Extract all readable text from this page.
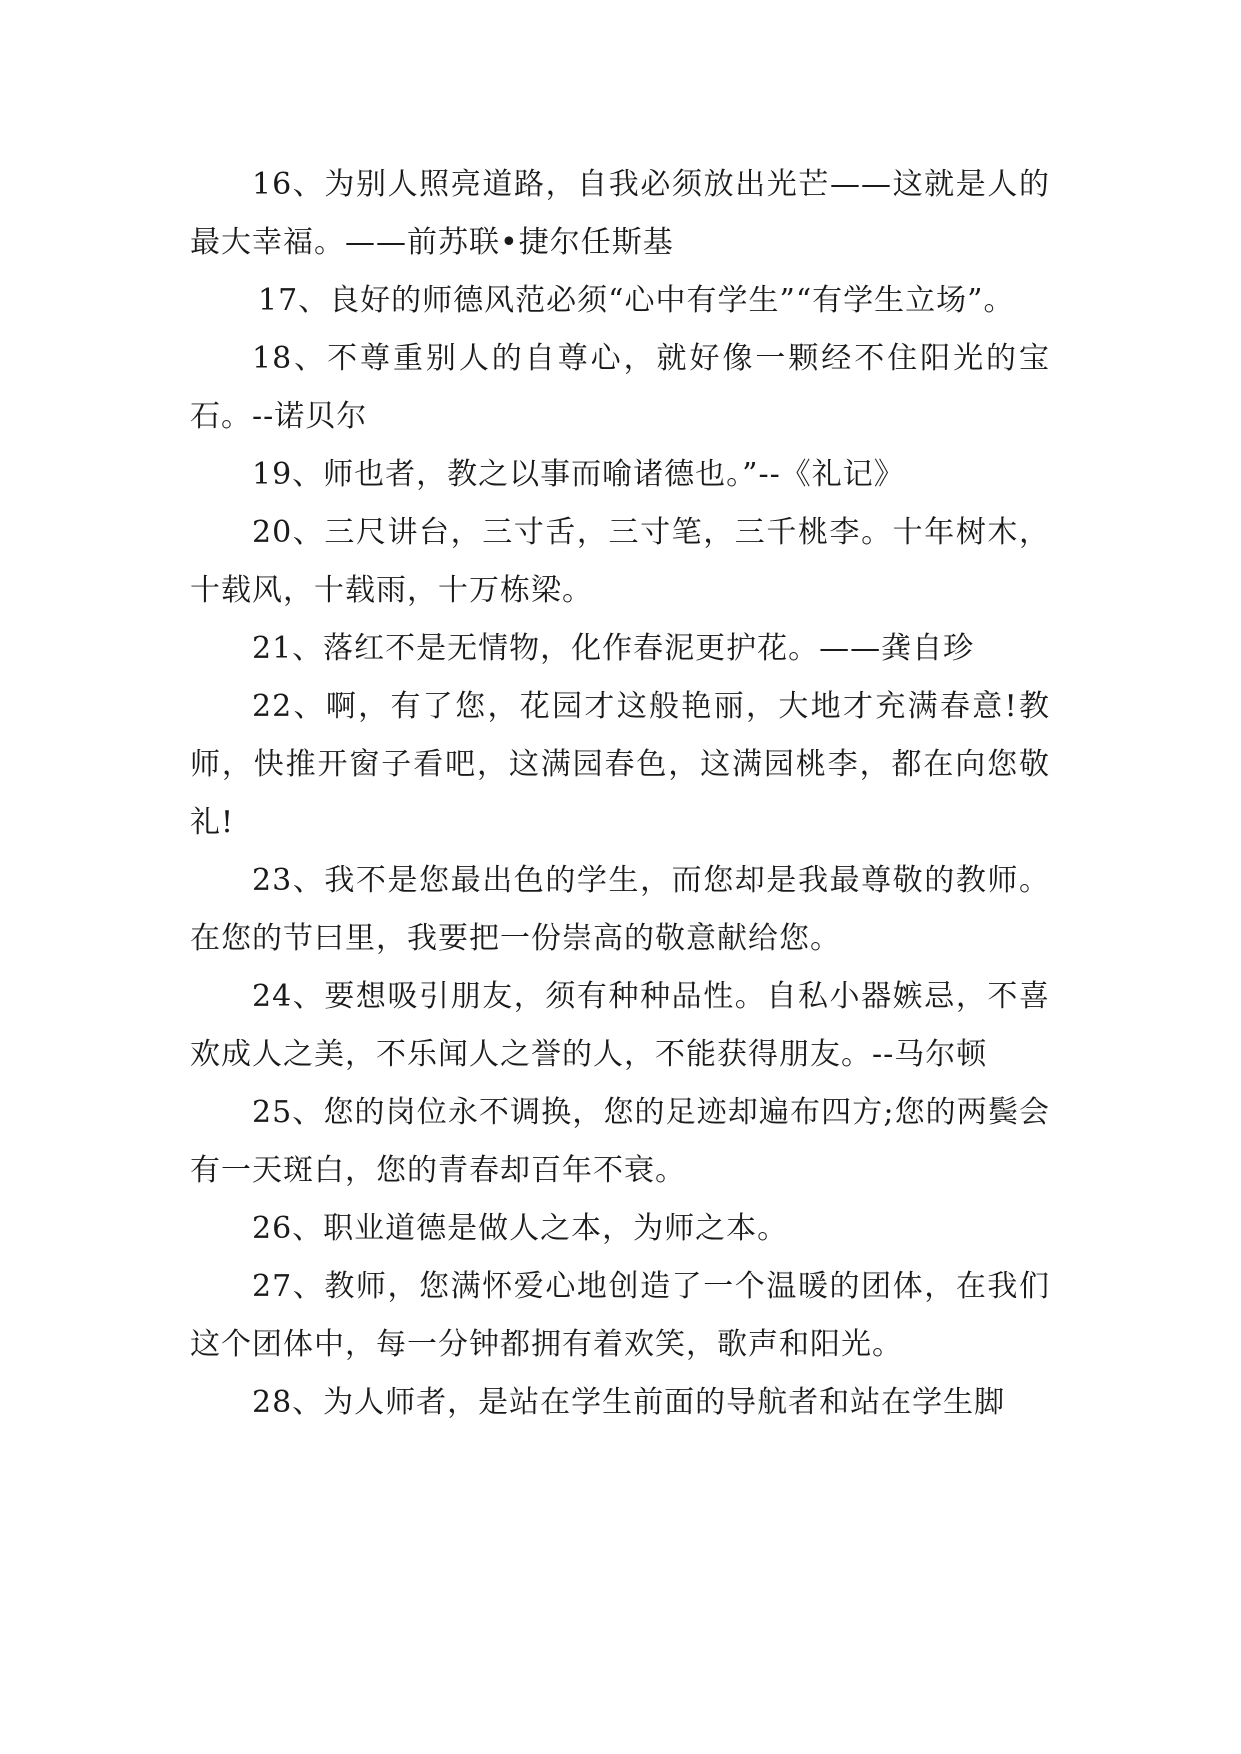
16、为别人照亮道路，自我必须放出光芒——这就是人的最大幸福。——前苏联•捷尔任斯基

17、良好的师德风范必须“心中有学生”“有学生立场”。

18、不尊重别人的自尊心，就好像一颗经不住阳光的宝石。--诺贝尔

19、师也者，教之以事而喻诸德也。”--《礼记》

20、三尺讲台，三寸舌，三寸笔，三千桃李。十年树木，十载风，十载雨，十万栋梁。

21、落红不是无情物，化作春泥更护花。——龚自珍

22、啊，有了您，花园才这般艳丽，大地才充满春意!教师，快推开窗子看吧，这满园春色，这满园桃李，都在向您敬礼!

23、我不是您最出色的学生，而您却是我最尊敬的教师。在您的节曰里，我要把一份崇高的敬意献给您。

24、要想吸引朋友，须有种种品性。自私小器嫉忌，不喜欢成人之美，不乐闻人之誉的人，不能获得朋友。--马尔顿

25、您的岗位永不调换，您的足迹却遍布四方;您的两鬓会有一天斑白，您的青春却百年不衰。

26、职业道德是做人之本，为师之本。

27、教师，您满怀爱心地创造了一个温暖的团体，在我们这个团体中，每一分钟都拥有着欢笑，歌声和阳光。

28、为人师者，是站在学生前面的导航者和站在学生脚
